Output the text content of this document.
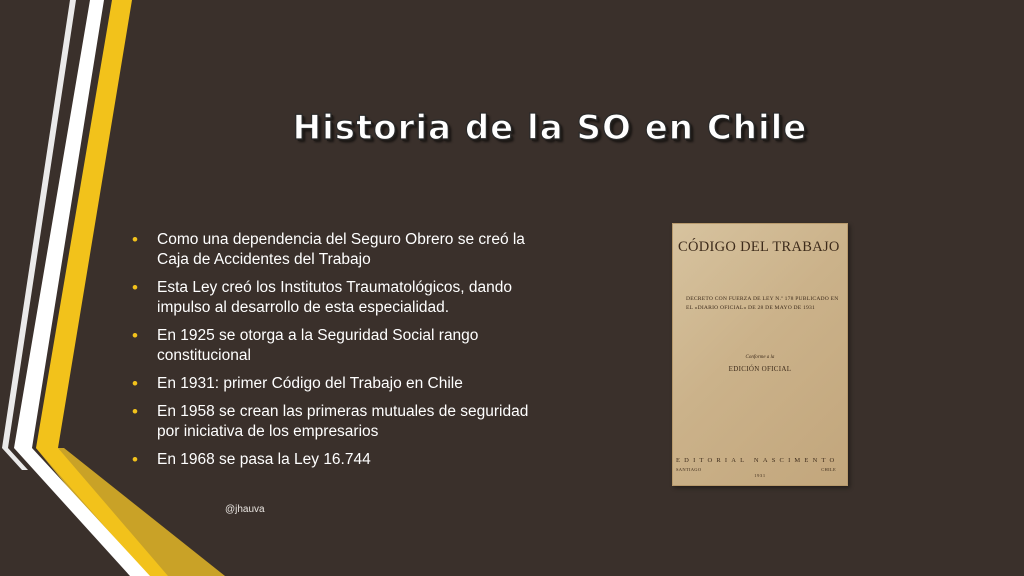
Historia de la SO en Chile
• Como una dependencia del Seguro Obrero se creó la Caja de Accidentes del Trabajo
• Esta Ley creó los Institutos Traumatológicos, dando impulso al desarrollo de esta especialidad.
• En 1925 se otorga a la Seguridad Social rango constitucional
• En 1931: primer Código del Trabajo en Chile
• En 1958 se crean las primeras mutuales de seguridad por iniciativa de los empresarios
• En 1968 se pasa la Ley 16.744
CÓDIGO DEL TRABAJO
DECRETO CON FUERZA DE LEY N.º 178 PUBLICADO EN EL «DIARIO OFICIAL» DE 28 DE MAYO DE 1931
Conforme a la
EDICIÓN OFICIAL
EDITORIAL NASCIMENTO
SANTIAGO	CHILE
1931
@jhauva
